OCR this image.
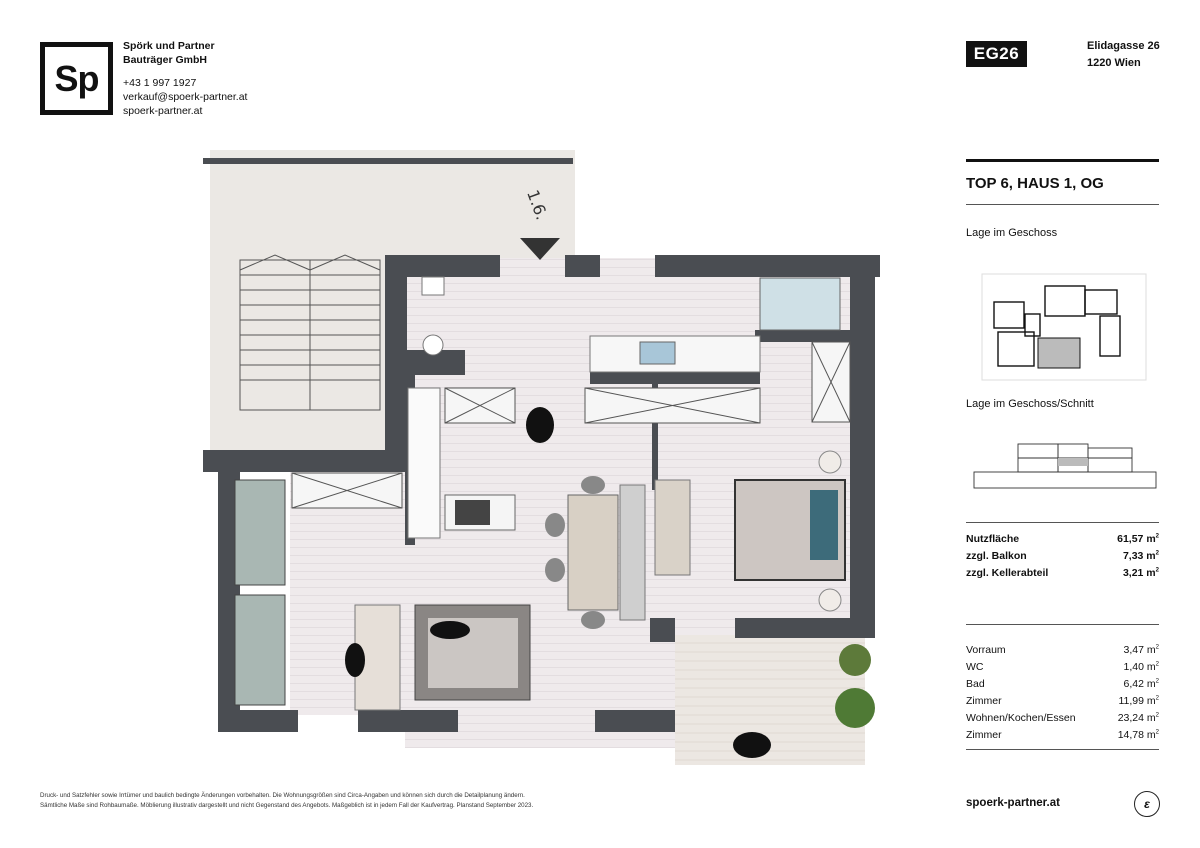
Sp
Spörk und Partner
Bauträger GmbH
+43 1 997 1927
verkauf@spoerk-partner.at
spoerk-partner.at
EG26	Elidagasse 26
1220 Wien
1.6.
TOP 6, HAUS 1, OG
Lage im Geschoss
Lage im Geschoss/Schnitt
Nutzfläche	61,57 $m^2$
zzgl. Balkon	7,33 $m^2$
zzgl. Kellerabteil	3,21 $m^2$
Vorraum	3,47 $m^2$
WC	1,40 $m^2$
Bad	6,42 $m^2$
Zimmer	11,99 $m^2$
Wohnen/Kochen/Essen	23,24 $m^2$
Zimmer	14,78 $m^2$
Druck- und Satzfehler sowie Irrtümer und baulich bedingte Änderungen vorbehalten. Die Wohnungsgrößen sind Circa-Angaben und können sich durch die Detailplanung ändern.
Sämtliche Maße sind Rohbaumaße. Möblierung illustrativ dargestellt und nicht Gegenstand des Angebots. Maßgeblich ist in jedem Fall der Kaufvertrag. Planstand September 2023.	spoerk-partner.at	ɛ
